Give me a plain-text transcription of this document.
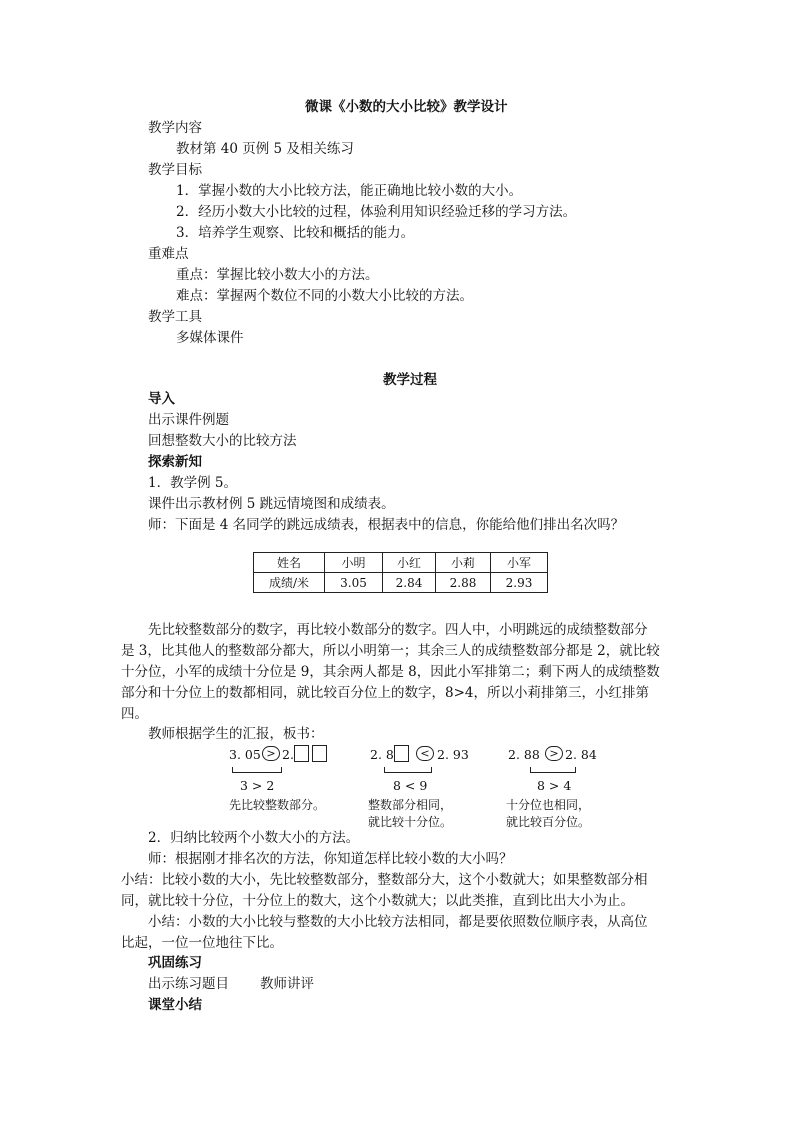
微课《小数的大小比较》教学设计
教学内容
教材第 40 页例 5 及相关练习
教学目标
1．掌握小数的大小比较方法，能正确地比较小数的大小。
2．经历小数大小比较的过程，体验利用知识经验迁移的学习方法。
3．培养学生观察、比较和概括的能力。
重难点
重点：掌握比较小数大小的方法。
难点：掌握两个数位不同的小数大小比较的方法。
教学工具
多媒体课件
教学过程
导入
出示课件例题
回想整数大小的比较方法
探索新知
1．教学例 5。
课件出示教材例 5 跳远情境图和成绩表。
师：下面是 4 名同学的跳远成绩表，根据表中的信息，你能给他们排出名次吗？
姓名	小明	小红	小莉	小军
成绩/米	3.05	2.84	2.88	2.93
先比较整数部分的数字，再比较小数部分的数字。四人中，小明跳远的成绩整数部分
是 3，比其他人的整数部分都大，所以小明第一；其余三人的成绩整数部分都是 2，就比较
十分位，小军的成绩十分位是 9，其余两人都是 8，因此小军排第二；剩下两人的成绩整数
部分和十分位上的数都相同，就比较百分位上的数字，8>4，所以小莉排第三，小红排第
四。
教师根据学生的汇报，板书：
3. 05 > 2.
3 > 2
先比较整数部分。
2. 8	< 2. 93
8 < 9
整数部分相同，
就比较十分位。
2. 88 > 2. 84
8 > 4
十分位也相同，
就比较百分位。
2．归纳比较两个小数大小的方法。
师：根据刚才排名次的方法，你知道怎样比较小数的大小吗？
小结：比较小数的大小，先比较整数部分，整数部分大，这个小数就大；如果整数部分相
同，就比较十分位，十分位上的数大，这个小数就大；以此类推，直到比出大小为止。
小结：小数的大小比较与整数的大小比较方法相同，都是要依照数位顺序表，从高位
比起，一位一位地往下比。
巩固练习
出示练习题目 教师讲评
课堂小结
